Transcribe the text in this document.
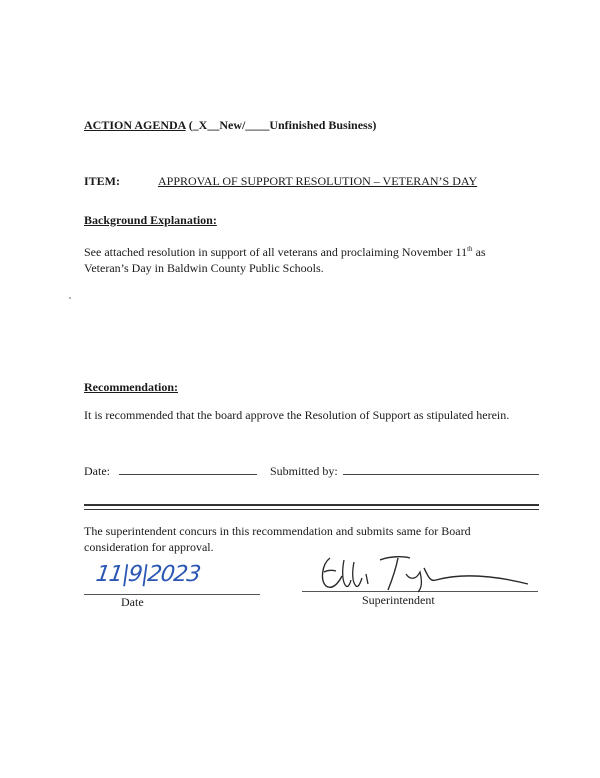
ACTION AGENDA (_X__New/____Unfinished Business)
ITEM:	APPROVAL OF SUPPORT RESOLUTION – VETERAN’S DAY
Background Explanation:
See attached resolution in support of all veterans and proclaiming November 11th as Veteran’s Day in Baldwin County Public Schools.
Recommendation:
It is recommended that the board approve the Resolution of Support as stipulated herein.
Date:	Submitted by:
The superintendent concurs in this recommendation and submits same for Board consideration for approval.
11|9|2023
Date	Superintendent
